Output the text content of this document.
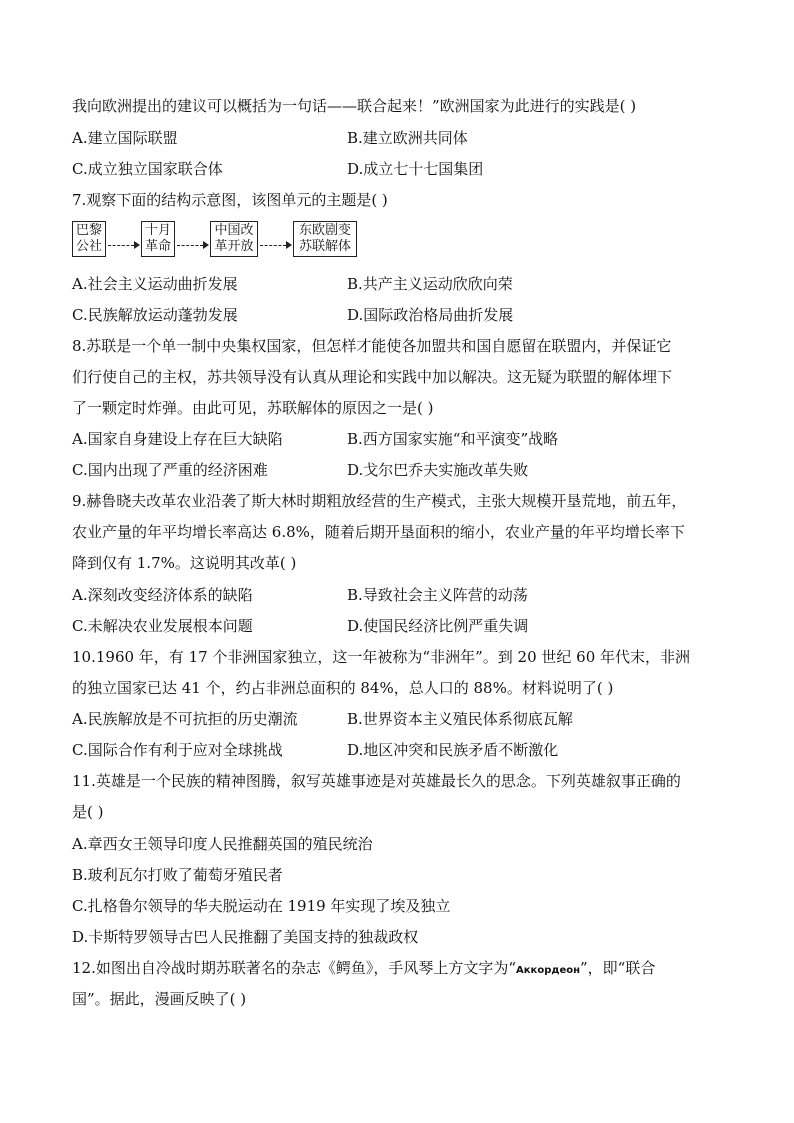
我向欧洲提出的建议可以概括为一句话——联合起来！”欧洲国家为此进行的实践是( )
A.建立国际联盟	B.建立欧洲共同体
C.成立独立国家联合体	D.成立七十七国集团
7.观察下面的结构示意图，该图单元的主题是( )
巴黎
公社
十月
革命
中国改
革开放
东欧剧变
苏联解体
A.社会主义运动曲折发展	B.共产主义运动欣欣向荣
C.民族解放运动蓬勃发展	D.国际政治格局曲折发展
8.苏联是一个单一制中央集权国家，但怎样才能使各加盟共和国自愿留在联盟内，并保证它
们行使自己的主权，苏共领导没有认真从理论和实践中加以解决。这无疑为联盟的解体埋下
了一颗定时炸弹。由此可见，苏联解体的原因之一是( )
A.国家自身建设上存在巨大缺陷	B.西方国家实施“和平演变”战略
C.国内出现了严重的经济困难	D.戈尔巴乔夫实施改革失败
9.赫鲁晓夫改革农业沿袭了斯大林时期粗放经营的生产模式，主张大规模开垦荒地，前五年，
农业产量的年平均增长率高达 6.8%，随着后期开垦面积的缩小，农业产量的年平均增长率下
降到仅有 1.7%。这说明其改革( )
A.深刻改变经济体系的缺陷	B.导致社会主义阵营的动荡
C.未解决农业发展根本问题	D.使国民经济比例严重失调
10.1960 年，有 17 个非洲国家独立，这一年被称为“非洲年”。到 20 世纪 60 年代末，非洲
的独立国家已达 41 个，约占非洲总面积的 84%，总人口的 88%。材料说明了( )
A.民族解放是不可抗拒的历史潮流	B.世界资本主义殖民体系彻底瓦解
C.国际合作有利于应对全球挑战	D.地区冲突和民族矛盾不断激化
11.英雄是一个民族的精神图腾，叙写英雄事迹是对英雄最长久的思念。下列英雄叙事正确的
是( )
A.章西女王领导印度人民推翻英国的殖民统治
B.玻利瓦尔打败了葡萄牙殖民者
C.扎格鲁尔领导的华夫脱运动在 1919 年实现了埃及独立
D.卡斯特罗领导古巴人民推翻了美国支持的独裁政权
12.如图出自冷战时期苏联著名的杂志《鳄鱼》，手风琴上方文字为“Аккордеон”，即“联合
国”。据此，漫画反映了( )
